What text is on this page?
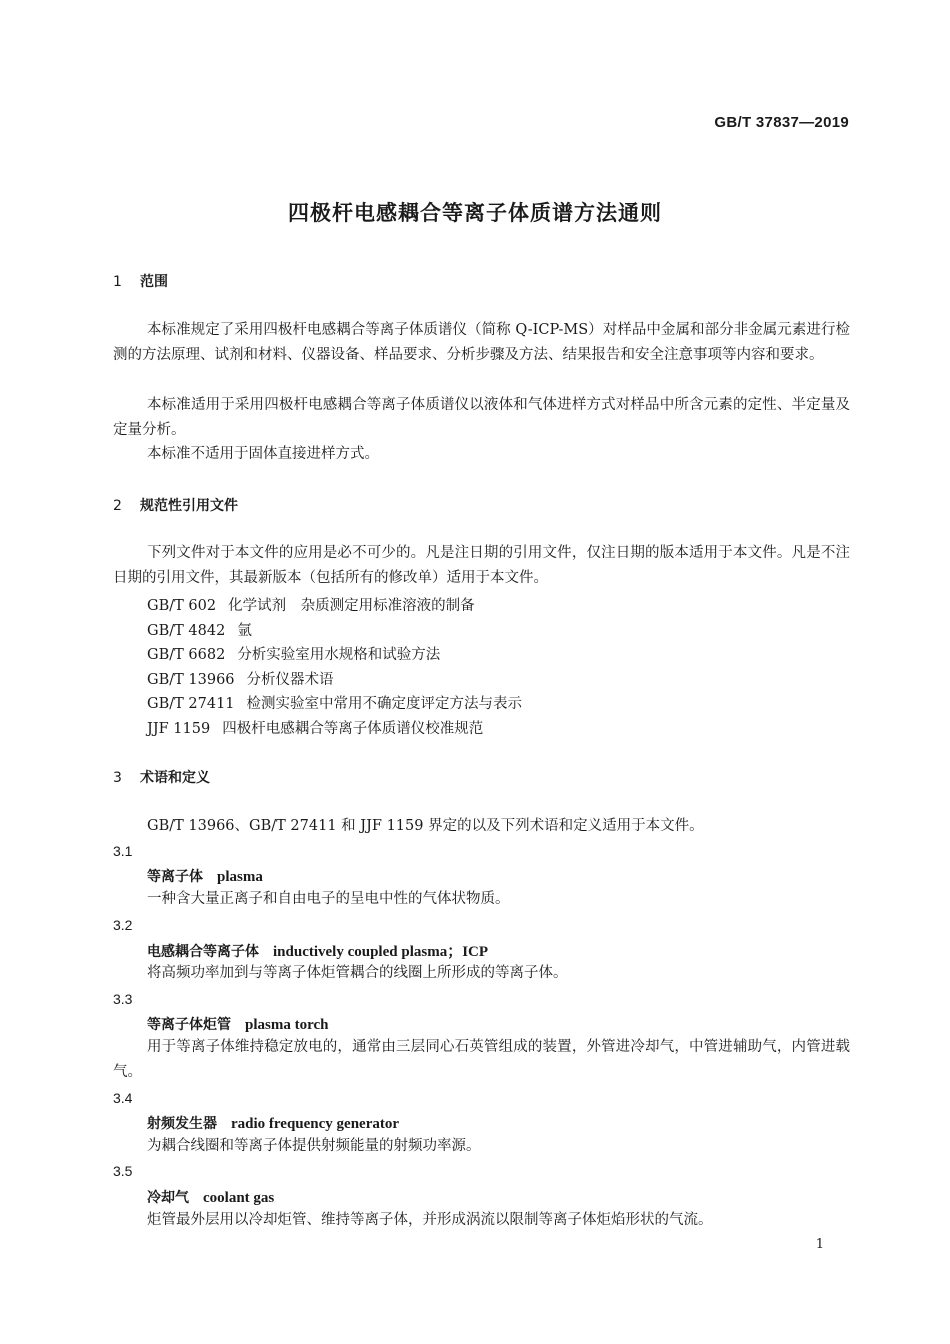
GB/T 37837—2019
四极杆电感耦合等离子体质谱方法通则
1 范围
本标准规定了采用四极杆电感耦合等离子体质谱仪（简称 Q-ICP-MS）对样品中金属和部分非金属元素进行检测的方法原理、试剂和材料、仪器设备、样品要求、分析步骤及方法、结果报告和安全注意事项等内容和要求。
本标准适用于采用四极杆电感耦合等离子体质谱仪以液体和气体进样方式对样品中所含元素的定性、半定量及定量分析。
本标准不适用于固体直接进样方式。
2 规范性引用文件
下列文件对于本文件的应用是必不可少的。凡是注日期的引用文件，仅注日期的版本适用于本文件。凡是不注日期的引用文件，其最新版本（包括所有的修改单）适用于本文件。
GB/T 602 化学试剂　杂质测定用标准溶液的制备
GB/T 4842 氩
GB/T 6682 分析实验室用水规格和试验方法
GB/T 13966 分析仪器术语
GB/T 27411 检测实验室中常用不确定度评定方法与表示
JJF 1159 四极杆电感耦合等离子体质谱仪校准规范
3 术语和定义
GB/T 13966、GB/T 27411 和 JJF 1159 界定的以及下列术语和定义适用于本文件。
3.1
等离子体 plasma
一种含大量正离子和自由电子的呈电中性的气体状物质。
3.2
电感耦合等离子体 inductively coupled plasma；ICP
将高频功率加到与等离子体炬管耦合的线圈上所形成的等离子体。
3.3
等离子体炬管 plasma torch
用于等离子体维持稳定放电的，通常由三层同心石英管组成的装置，外管进冷却气，中管进辅助气，内管进载气。
3.4
射频发生器 radio frequency generator
为耦合线圈和等离子体提供射频能量的射频功率源。
3.5
冷却气 coolant gas
炬管最外层用以冷却炬管、维持等离子体，并形成涡流以限制等离子体炬焰形状的气流。
1
